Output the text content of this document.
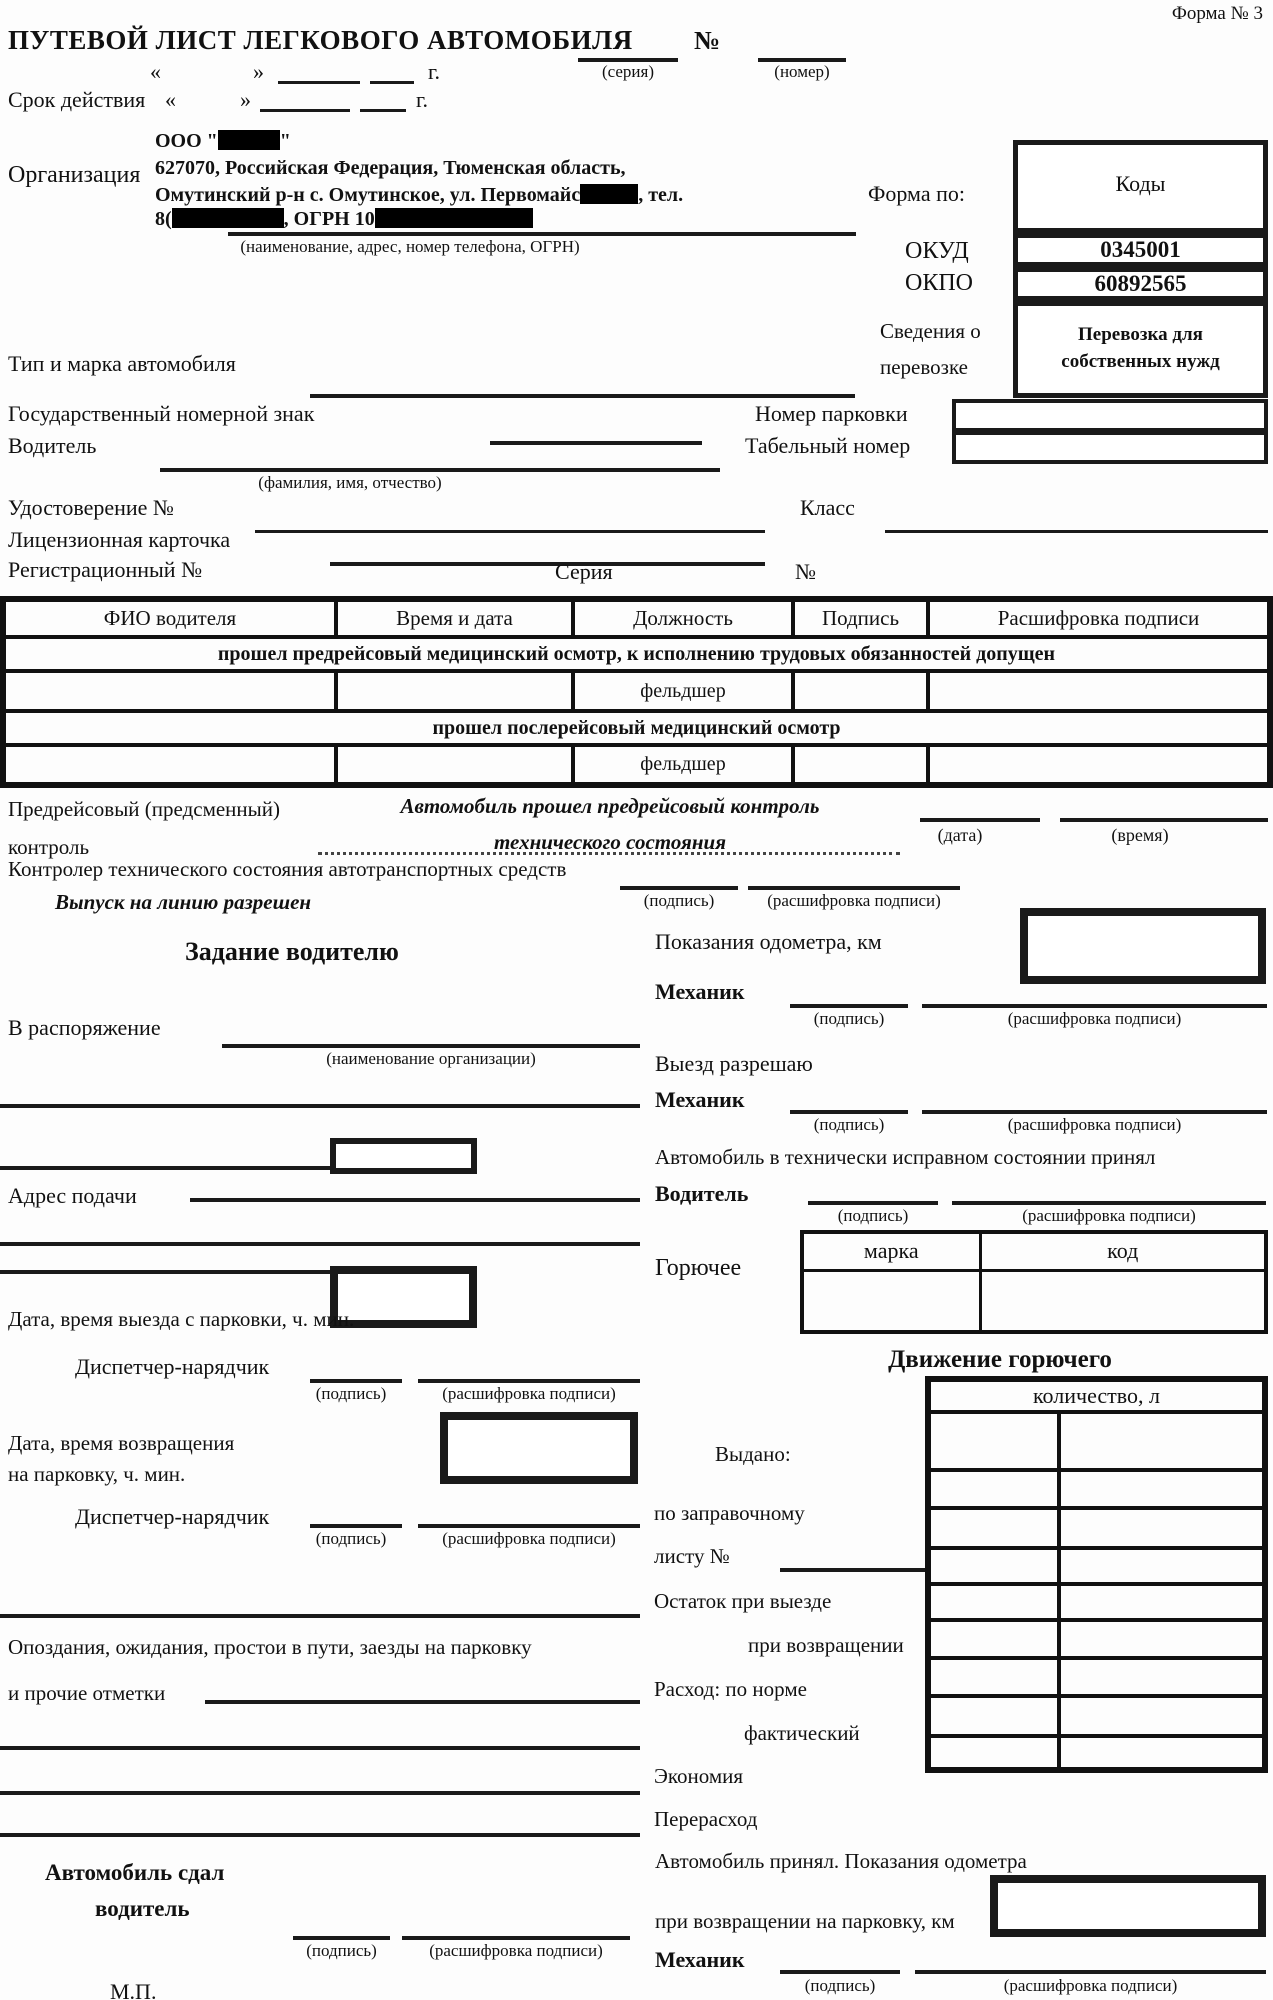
Форма № 3
ПУТЕВОЙ ЛИСТ ЛЕГКОВОГО АВТОМОБИЛЯ №
(серия)	(номер)
«	»	г.
Срок действия «	»	г.
Организация
ООО "	"
627070, Российская Федерация, Тюменская область,
Омутинский р-н с. Омутинское, ул. Первомайс	, тел.
8(	, ОГРН 10
(наименование, адрес, номер телефона, ОГРН)
Форма по:	Коды
ОКУД	0345001
ОКПО	60892565
Сведения о
перевозке
Перевозка для
собственных нужд
Тип и марка автомобиля
Государственный номерной знак	Номер парковки
Водитель
(фамилия, имя, отчество)
Табельный номер
Удостоверение №	Класс
Лицензионная карточка
Регистрационный №	Серия	№
ФИО водителя	Время и дата	Должность	Подпись	Расшифровка подписи
прошел предрейсовый медицинский осмотр, к исполнению трудовых обязанностей допущен				
		фельдшер		
прошел послерейсовый медицинский осмотр				
		фельдшер		
Предрейсовый (предсменный)
контроль
Автомобиль прошел предрейсовый контроль
технического состояния	(дата)	(время)
Контролер технического состояния автотранспортных средств
(подпись)	(расшифровка подписи)
Выпуск на линию разрешен
Задание водителю	Показания одометра, км
Механик
(подпись)	(расшифровка подписи)
В распоряжение
(наименование организации)	Выезд разрешаю
Механик
(подпись)	(расшифровка подписи)
Адрес подачи
Дата, время выезда с парковки, ч. мин.
Автомобиль в технически исправном состоянии принял
Водитель
(подпись)	(расшифровка подписи)
Горючее
марка	код

Движение горючего
количество, л	

Выдано:
по заправочному
листу №
Остаток при выезде
при возвращении
Расход: по норме
фактический
Экономия
Перерасход
Диспетчер-нарядчик
(подпись)	(расшифровка подписи)
Дата, время возвращения
на парковку, ч. мин.
Диспетчер-нарядчик
(подпись)	(расшифровка подписи)
Опоздания, ожидания, простои в пути, заезды на парковку
и прочие отметки
Автомобиль сдал
водитель
(подпись)	(расшифровка подписи)
М.П.
Автомобиль принял. Показания одометра
при возвращении на парковку, км
Механик
(подпись)	(расшифровка подписи)
